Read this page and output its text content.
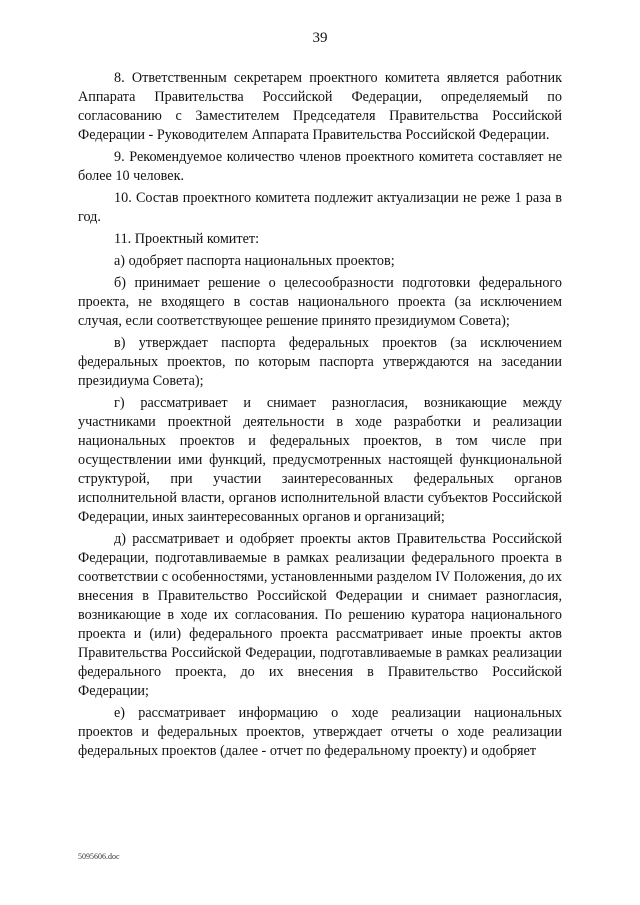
39

8. Ответственным секретарем проектного комитета является работник Аппарата Правительства Российской Федерации, определяемый по согласованию с Заместителем Председателя Правительства Российской Федерации - Руководителем Аппарата Правительства Российской Федерации.

9. Рекомендуемое количество членов проектного комитета составляет не более 10 человек.

10. Состав проектного комитета подлежит актуализации не реже 1 раза в год.

11. Проектный комитет:

а) одобряет паспорта национальных проектов;

б) принимает решение о целесообразности подготовки федерального проекта, не входящего в состав национального проекта (за исключением случая, если соответствующее решение принято президиумом Совета);

в) утверждает паспорта федеральных проектов (за исключением федеральных проектов, по которым паспорта утверждаются на заседании президиума Совета);

г) рассматривает и снимает разногласия, возникающие между участниками проектной деятельности в ходе разработки и реализации национальных проектов и федеральных проектов, в том числе при осуществлении ими функций, предусмотренных настоящей функциональной структурой, при участии заинтересованных федеральных органов исполнительной власти, органов исполнительной власти субъектов Российской Федерации, иных заинтересованных органов и организаций;

д) рассматривает и одобряет проекты актов Правительства Российской Федерации, подготавливаемые в рамках реализации федерального проекта в соответствии с особенностями, установленными разделом IV Положения, до их внесения в Правительство Российской Федерации и снимает разногласия, возникающие в ходе их согласования. По решению куратора национального проекта и (или) федерального проекта рассматривает иные проекты актов Правительства Российской Федерации, подготавливаемые в рамках реализации федерального проекта, до их внесения в Правительство Российской Федерации;

е) рассматривает информацию о ходе реализации национальных проектов и федеральных проектов, утверждает отчеты о ходе реализации федеральных проектов (далее - отчет по федеральному проекту) и одобряет

5095606.doc
